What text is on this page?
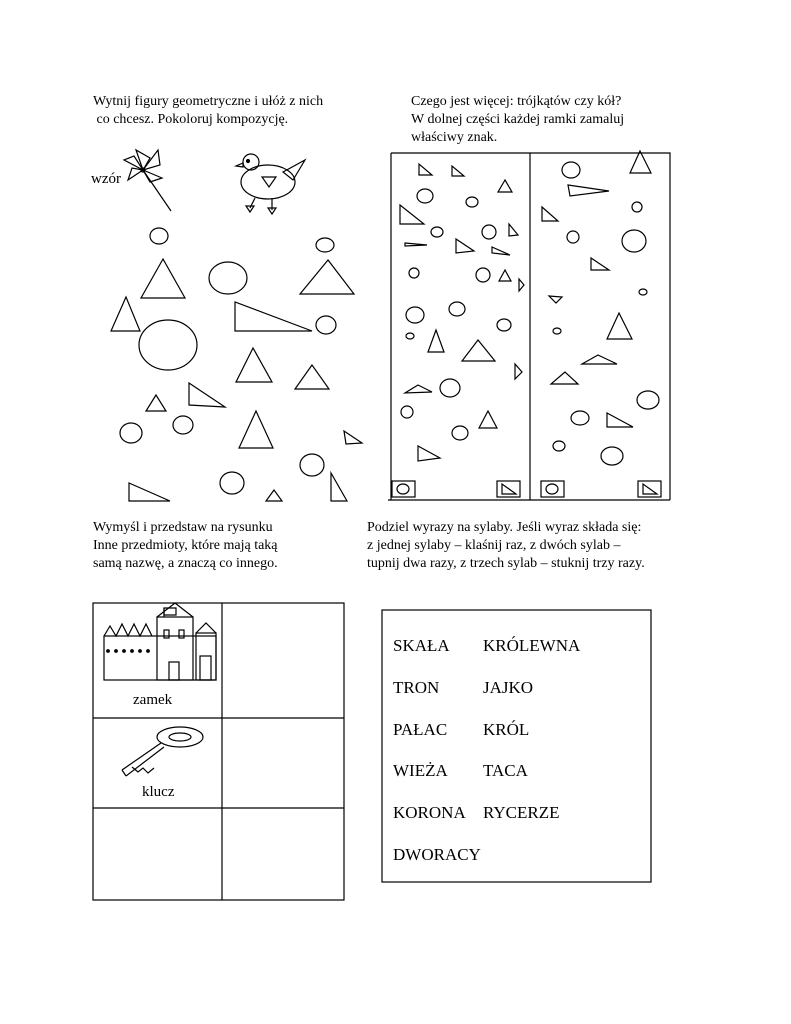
Wytnij figury geometryczne i ułóż z nich
co chcesz. Pokoloruj kompozycję.
wzór
Czego jest więcej: trójkątów czy kół?
W dolnej części każdej ramki zamaluj
właściwy znak.
Wymyśl i przedstaw na rysunku
Inne przedmioty, które mają taką
samą nazwę, a znaczą co innego.
Podziel wyrazy na sylaby. Jeśli wyraz składa się:
z jednej sylaby – klaśnij raz, z dwóch sylab –
tupnij dwa razy, z trzech sylab – stuknij trzy razy.
zamek
klucz
SKAŁA
TRON
PAŁAC
WIEŻA
KORONA
DWORACY
KRÓLEWNA
JAJKO
KRÓL
TACA
RYCERZE
